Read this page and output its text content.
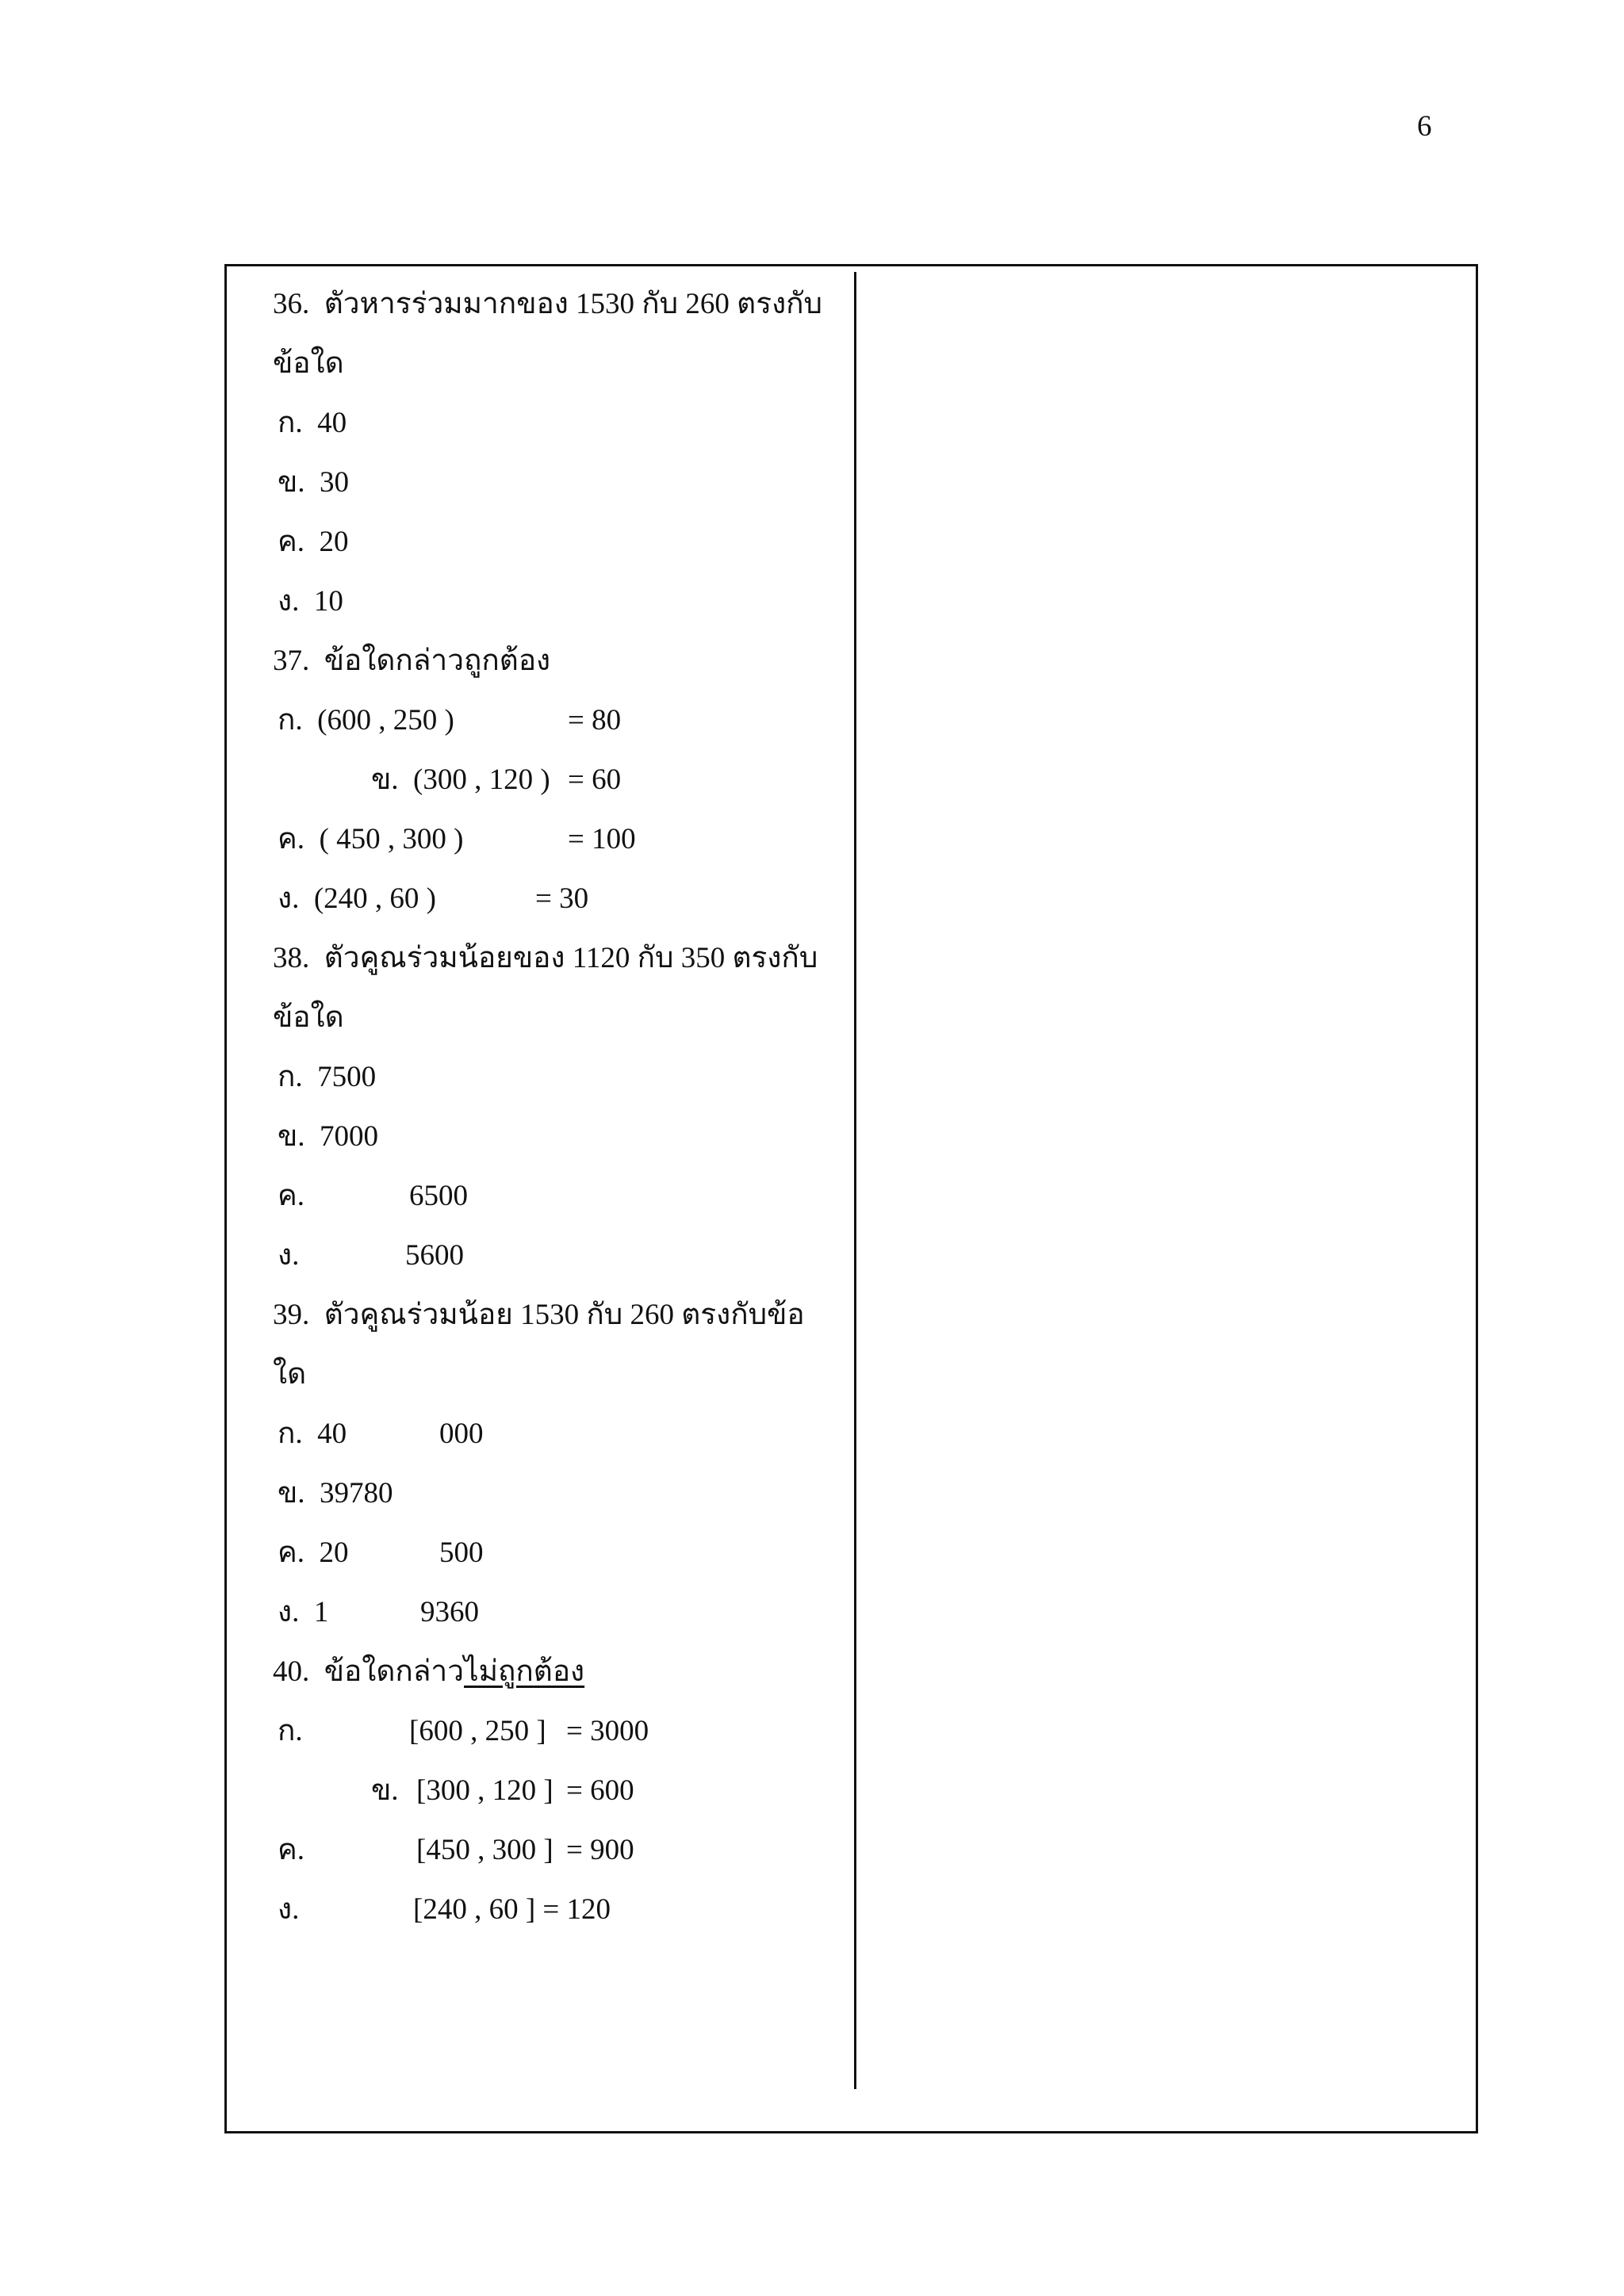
6
36. ตัวหารร่วมมากของ 1530 กับ 260 ตรงกับ
ข้อใด
ก. 40
ข. 30
ค. 20
ง. 10
37. ข้อใดกล่าวถูกต้อง
ก. (600 , 250 )	= 80
ข. (300 , 120 ) = 60
ค. ( 450 , 300 )	= 100
ง. (240 , 60 )	= 30
38. ตัวคูณร่วมน้อยของ 1120 กับ 350 ตรงกับ
ข้อใด
ก. 7500
ข. 7000
ค.	6500
ง.	5600
39. ตัวคูณร่วมน้อย 1530 กับ 260 ตรงกับข้อ
ใด
ก. 40	000
ข. 39780
ค. 20	500
ง. 1	9360
40. ข้อใดกล่าวไม่ถูกต้อง
ก.	[600 , 250 ] = 3000
ข. [300 , 120 ] = 600
ค.	[450 , 300 ] = 900
ง.	[240 , 60 ] = 120
